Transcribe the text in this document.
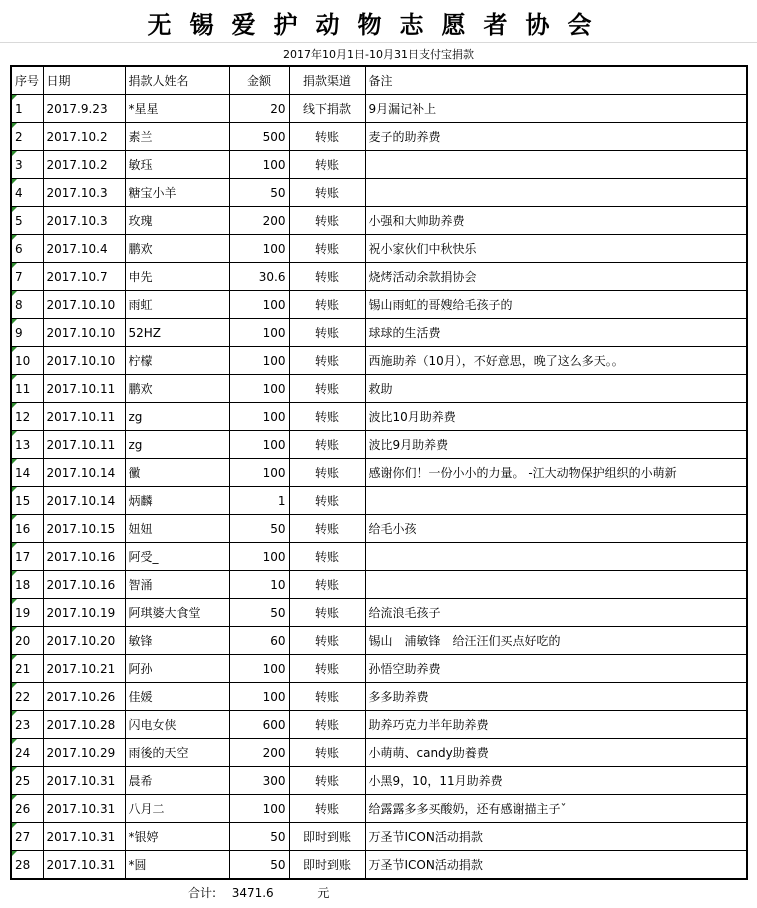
无锡爱护动物志愿者协会
2017年10月1日-10月31日支付宝捐款
序号	日期	捐款人姓名	金额	捐款渠道	备注
1	2017.9.23	*星星	20	线下捐款	9月漏记补上
2	2017.10.2	素兰	500	转账	麦子的助养费
3	2017.10.2	敏珏	100	转账	
4	2017.10.3	糖宝小羊	50	转账	
5	2017.10.3	玫瑰	200	转账	小强和大帅助养费
6	2017.10.4	鹏欢	100	转账	祝小家伙们中秋快乐
7	2017.10.7	申先	30.6	转账	烧烤活动余款捐协会
8	2017.10.10	雨虹	100	转账	锡山雨虹的哥嫂给毛孩子的
9	2017.10.10	52HZ	100	转账	球球的生活费
10	2017.10.10	柠檬	100	转账	西施助养（10月），不好意思，晚了这么多天。。
11	2017.10.11	鹏欢	100	转账	救助
12	2017.10.11	zg	100	转账	波比10月助养费
13	2017.10.11	zg	100	转账	波比9月助养费
14	2017.10.14	黴	100	转账	感谢你们！一份小小的力量。 -江大动物保护组织的小萌新
15	2017.10.14	炳麟	1	转账	
16	2017.10.15	妞妞	50	转账	给毛小孩
17	2017.10.16	阿受_	100	转账	
18	2017.10.16	智涌	10	转账	
19	2017.10.19	阿琪婆大食堂	50	转账	给流浪毛孩子
20	2017.10.20	敏锋	60	转账	锡山　浦敏锋　给汪汪们买点好吃的
21	2017.10.21	阿孙	100	转账	孙悟空助养费
22	2017.10.26	佳媛	100	转账	多多助养费
23	2017.10.28	闪电女侠	600	转账	助养巧克力半年助养费
24	2017.10.29	雨後的天空	200	转账	小萌萌、candy助養费
25	2017.10.31	晨希	300	转账	小黑9，10，11月助养费
26	2017.10.31	八月二	100	转账	给露露多多买酸奶，还有感谢描主子ˇ
27	2017.10.31	*银婷	50	即时到账	万圣节ICON活动捐款
28	2017.10.31	*圆	50	即时到账	万圣节ICON活动捐款
合计: 3471.6	元
